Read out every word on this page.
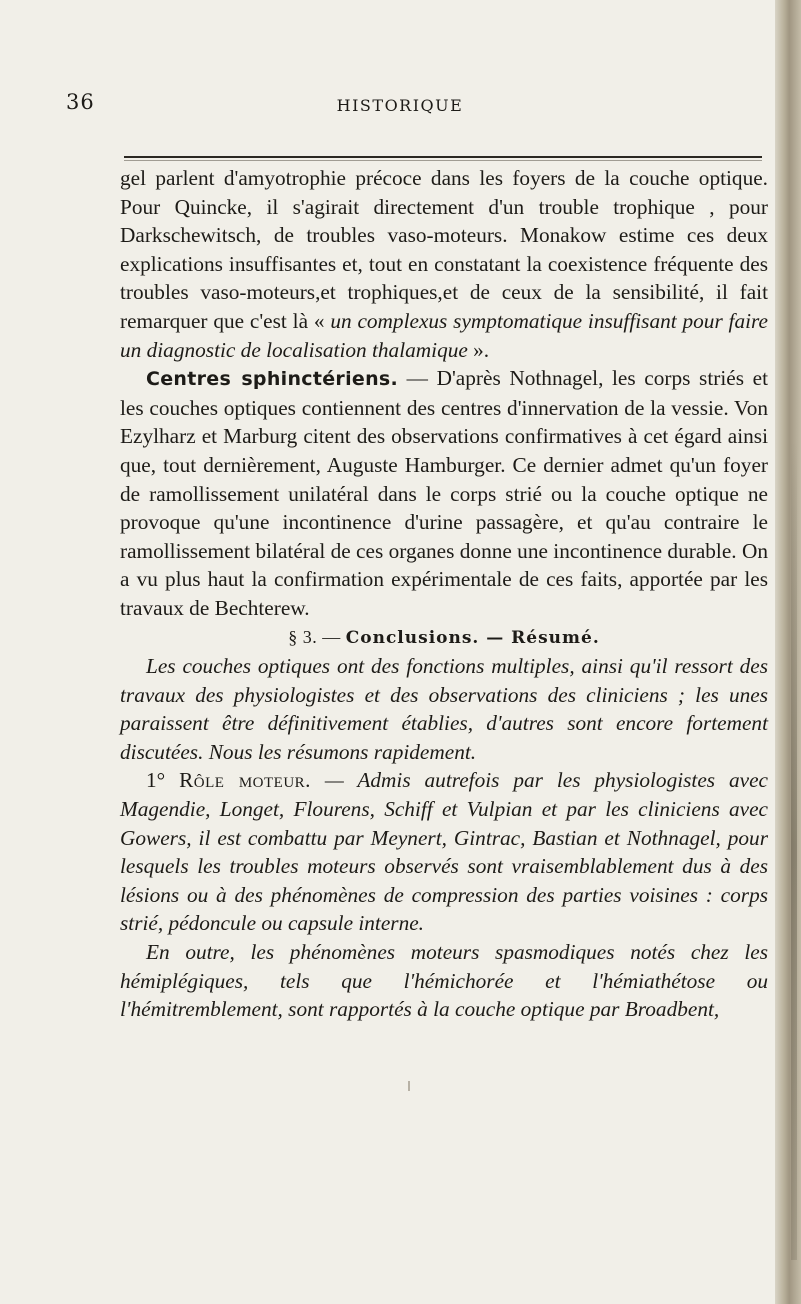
36	HISTORIQUE

gel parlent d'amyotrophie précoce dans les foyers de la couche optique. Pour Quincke, il s'agirait directement d'un trouble trophique , pour Darkschewitsch, de troubles vaso-moteurs. Monakow estime ces deux explications insuffisantes et, tout en constatant la coexistence fréquente des troubles vaso-moteurs,et trophiques,et de ceux de la sensibilité, il fait remarquer que c'est là « un complexus symptomatique insuffisant pour faire un diagnostic de localisation thalamique ».

Centres sphinctériens. — D'après Nothnagel, les corps striés et les couches optiques contiennent des centres d'innervation de la vessie. Von Ezylharz et Marburg citent des observations confirmatives à cet égard ainsi que, tout dernièrement, Auguste Hamburger. Ce dernier admet qu'un foyer de ramollissement unilatéral dans le corps strié ou la couche optique ne provoque qu'une incontinence d'urine passagère, et qu'au contraire le ramollissement bilatéral de ces organes donne une incontinence durable. On a vu plus haut la confirmation expérimentale de ces faits, apportée par les travaux de Bechterew.

§ 3. — Conclusions. — Résumé.

Les couches optiques ont des fonctions multiples, ainsi qu'il ressort des travaux des physiologistes et des observations des cliniciens ; les unes paraissent être définitivement établies, d'autres sont encore fortement discutées. Nous les résumons rapidement.

1° Rôle moteur. — Admis autrefois par les physiologistes avec Magendie, Longet, Flourens, Schiff et Vulpian et par les cliniciens avec Gowers, il est combattu par Meynert, Gintrac, Bastian et Nothnagel, pour lesquels les troubles moteurs observés sont vraisemblablement dus à des lésions ou à des phénomènes de compression des parties voisines : corps strié, pédoncule ou capsule interne.

En outre, les phénomènes moteurs spasmodiques notés chez les hémiplégiques, tels que l'hémichorée et l'hémiathétose ou l'hémitremblement, sont rapportés à la couche optique par Broadbent,
